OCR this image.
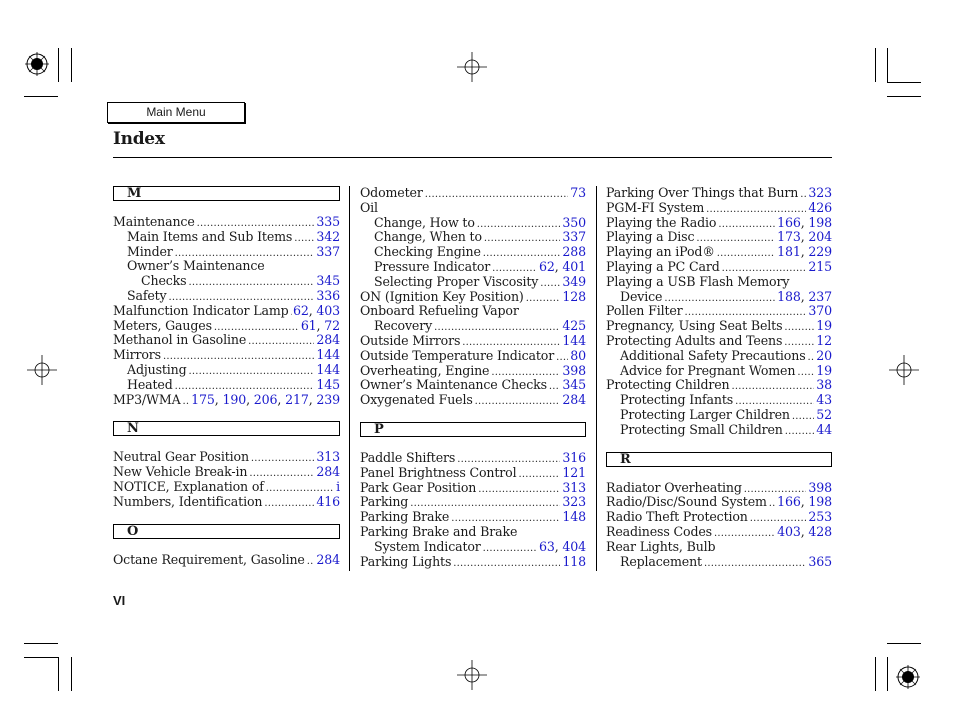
Main Menu
Index
M
Maintenance .....	335
Main Items and Sub Items ..... 342
Minder .....	337
Owner’s Maintenance
Checks .....	345
Safety .....	336
Malfunction Indicator Lamp ..... 62, 403
Meters, Gauges .....	61, 72
Methanol in Gasoline .....	284
Mirrors .....	144
Adjusting .....	144
Heated .....	145
MP3/WMA ..... 175, 190, 206, 217, 239
N
Neutral Gear Position .....	313
New Vehicle Break-in .....	284
NOTICE, Explanation of .....	i
Numbers, Identification .....	416
O
Octane Requirement, Gasoline ..... 284
Odometer .....	73
Oil
Change, How to .....	350
Change, When to .....	337
Checking Engine .....	288
Pressure Indicator .....	62, 401
Selecting Proper Viscosity ..... 349
ON (Ignition Key Position) .....	128
Onboard Refueling Vapor
Recovery .....	425
Outside Mirrors .....	144
Outside Temperature Indicator ..... 80
Overheating, Engine .....	398
Owner’s Maintenance Checks ..... 345
Oxygenated Fuels .....	284
P
Paddle Shifters .....	316
Panel Brightness Control .....	121
Park Gear Position .....	313
Parking .....	323
Parking Brake .....	148
Parking Brake and Brake
System Indicator .....	63, 404
Parking Lights .....	118
Parking Over Things that Burn ..... 323
PGM-FI System .....	426
Playing the Radio .....	166, 198
Playing a Disc .....	173, 204
Playing an iPod® .....	181, 229
Playing a PC Card .....	215
Playing a USB Flash Memory
Device .....	188, 237
Pollen Filter .....	370
Pregnancy, Using Seat Belts .....	19
Protecting Adults and Teens .....	12
Additional Safety Precautions ..... 20
Advice for Pregnant Women ..... 19
Protecting Children .....	38
Protecting Infants .....	43
Protecting Larger Children ..... 52
Protecting Small Children .....	44
R
Radiator Overheating .....	398
Radio/Disc/Sound System ..... 166, 198
Radio Theft Protection .....	253
Readiness Codes .....	403, 428
Rear Lights, Bulb
Replacement .....	365
VI
